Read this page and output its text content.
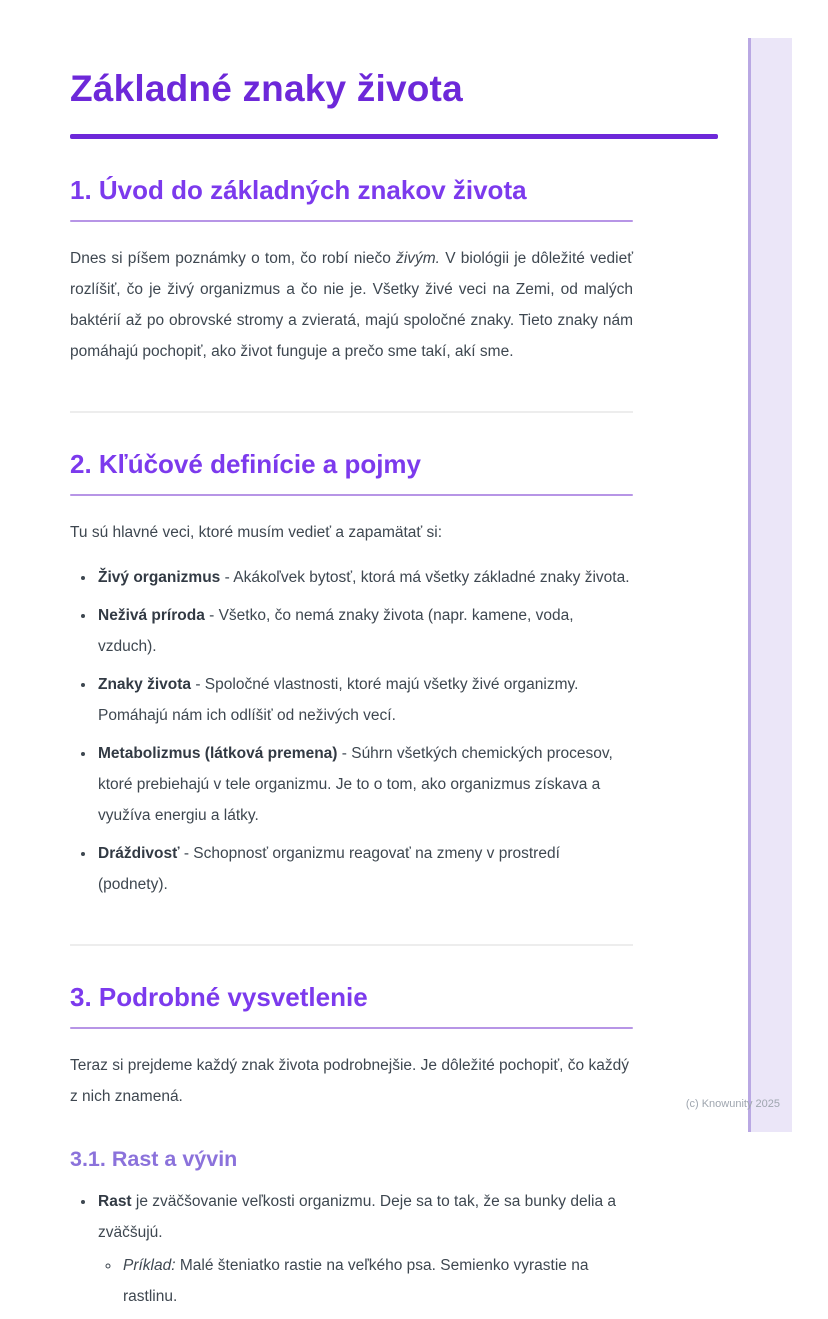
Základné znaky života
1. Úvod do základných znakov života

Dnes si píšem poznámky o tom, čo robí niečo živým. V biológii je dôležité vedieť rozlíšiť, čo je živý organizmus a čo nie je. Všetky živé veci na Zemi, od malých baktérií až po obrovské stromy a zvieratá, majú spoločné znaky. Tieto znaky nám pomáhajú pochopiť, ako život funguje a prečo sme takí, akí sme.

2. Kľúčové definície a pojmy

Tu sú hlavné veci, ktoré musím vedieť a zapamätať si:

• Živý organizmus - Akákoľvek bytosť, ktorá má všetky základné znaky života.
• Neživá príroda - Všetko, čo nemá znaky života (napr. kamene, voda, vzduch).
• Znaky života - Spoločné vlastnosti, ktoré majú všetky živé organizmy. Pomáhajú nám ich odlíšiť od neživých vecí.
• Metabolizmus (látková premena) - Súhrn všetkých chemických procesov, ktoré prebiehajú v tele organizmu. Je to o tom, ako organizmus získava a využíva energiu a látky.
• Dráždivosť - Schopnosť organizmu reagovať na zmeny v prostredí (podnety).
3. Podrobné vysvetlenie

Teraz si prejdeme každý znak života podrobnejšie. Je dôležité pochopiť, čo každý z nich znamená.

3.1. Rast a vývin
• Rast je zväčšovanie veľkosti organizmu. Deje sa to tak, že sa bunky delia a zväčšujú.
◦ Príklad: Malé šteniatko rastie na veľkého psa. Semienko vyrastie na rastlinu.
(c) Knowunity 2025
